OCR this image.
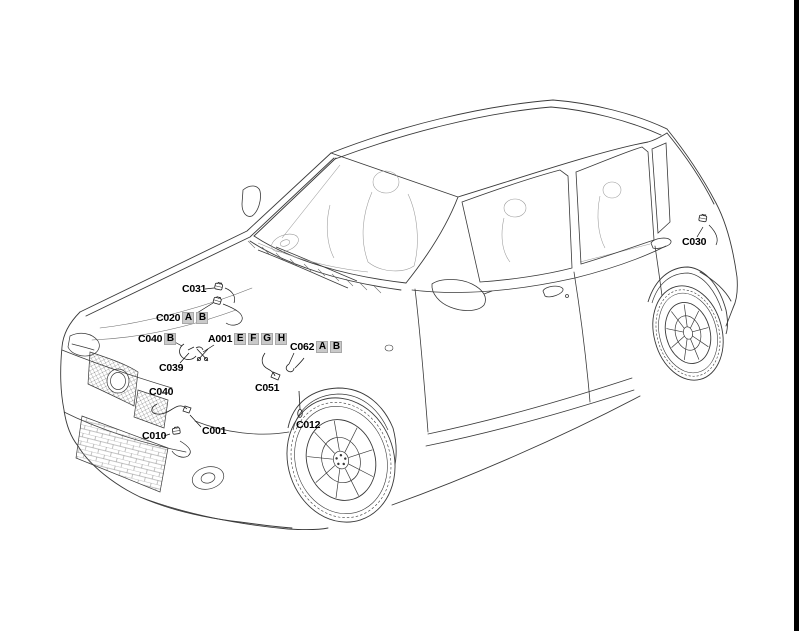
C031
C020 A B
C040 B	A001 E F G H
C039
C062 A B
C051
C040
C001
C010
C012
C030
